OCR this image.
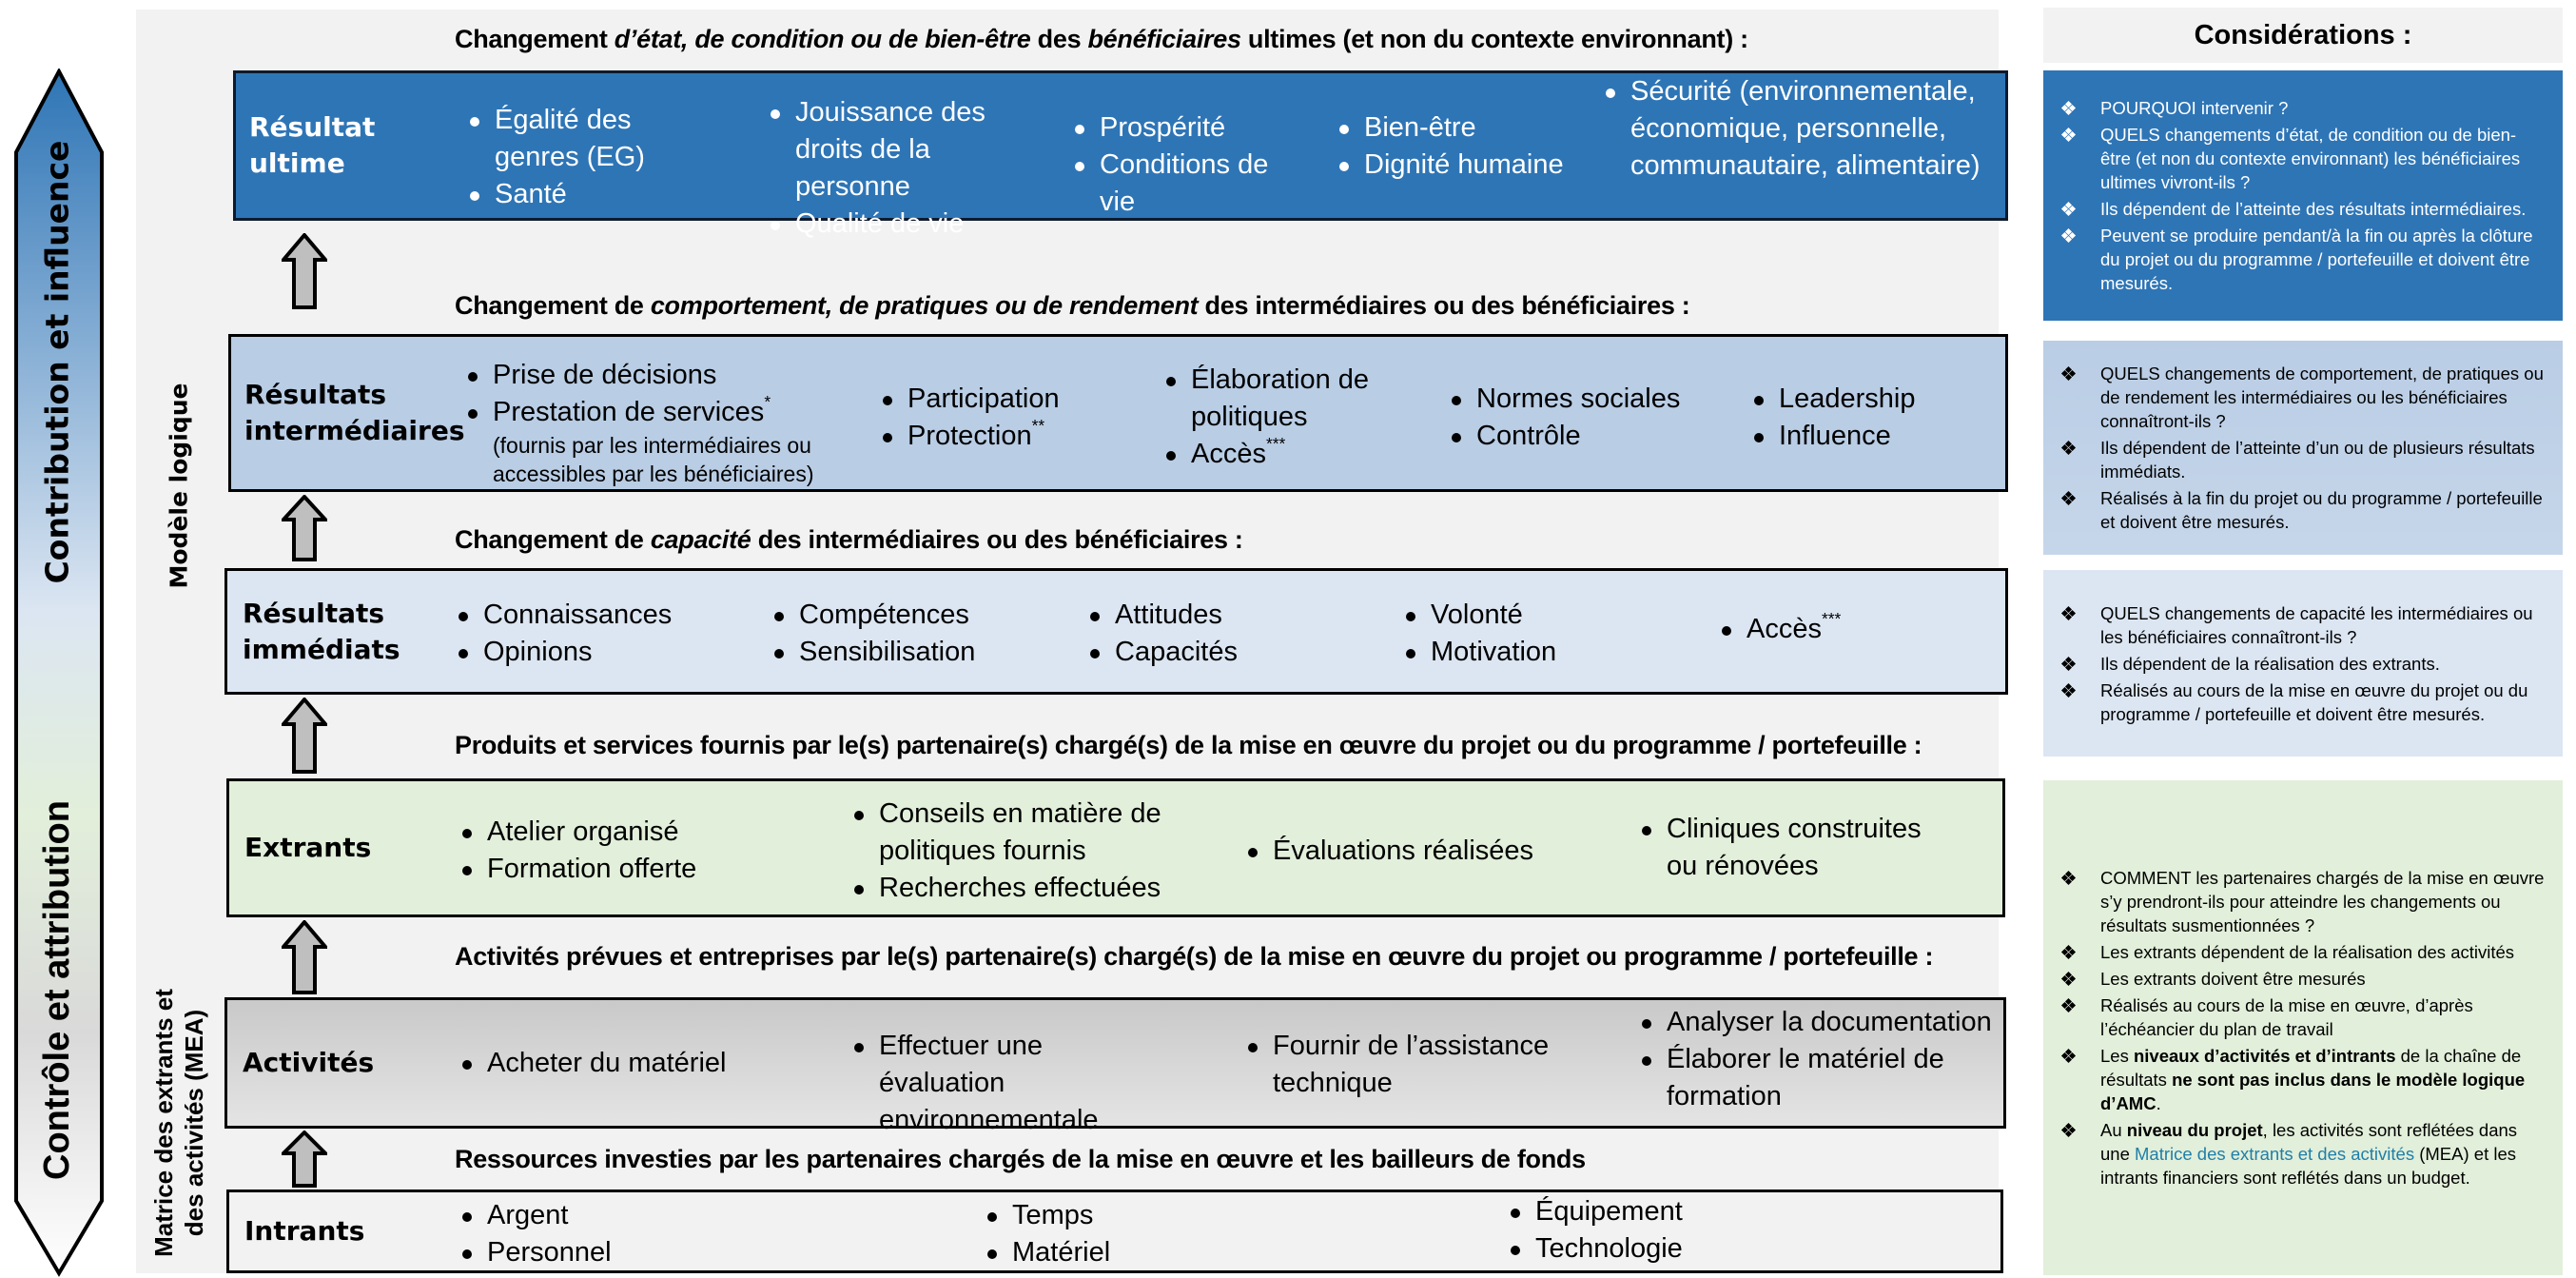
Contribution et influence
Contrôle et attribution
Modèle logique
Matrice des extrants et
des activités (MEA)
Changement d’état, de condition ou de bien-être des bénéficiaires ultimes (et non du contexte environnant) :
Changement de comportement, de pratiques ou de rendement des intermédiaires ou des bénéficiaires :
Changement de capacité des intermédiaires ou des bénéficiaires :
Produits et services fournis par le(s) partenaire(s) chargé(s) de la mise en œuvre du projet ou du programme / portefeuille :
Activités prévues et entreprises par le(s) partenaire(s) chargé(s) de la mise en œuvre du projet ou programme / portefeuille :
Ressources investies par les partenaires chargés de la mise en œuvre et les bailleurs de fonds
Résultat
ultime
Égalité des genres (EG)
Santé
Jouissance des droits de la personne
Qualité de vie
Prospérité
Conditions de vie
Bien-être
Dignité humaine
Sécurité (environnementale, économique, personnelle, communautaire, alimentaire)
Résultats
intermédiaires
Prise de décisions
Prestation de services*
(fournis par les intermédiaires ou accessibles par les bénéficiaires)
Participation
Protection**
Élaboration de politiques
Accès***
Normes sociales
Contrôle
Leadership
Influence
Résultats
immédiats
Connaissances
Opinions
Compétences
Sensibilisation
Attitudes
Capacités
Volonté
Motivation
Accès***
Extrants	Atelier organisé
Formation offerte
Conseils en matière de politiques fournis
Recherches effectuées
Évaluations réalisées
Cliniques construites ou rénovées
Activités	Acheter du matériel
Effectuer une évaluation environnementale
Fournir de l’assistance technique
Analyser la documentation
Élaborer le matériel de formation
Intrants	Argent
Personnel
Temps
Matériel
Équipement
Technologie
Considérations :
POURQUOI intervenir ?
QUELS changements d’état, de condition ou de bien-être (et non du contexte environnant) les bénéficiaires ultimes vivront-ils ?
Ils dépendent de l’atteinte des résultats intermédiaires.
Peuvent se produire pendant/à la fin ou après la clôture du projet ou du programme / portefeuille et doivent être mesurés.
QUELS changements de comportement, de pratiques ou de rendement les intermédiaires ou les bénéficiaires connaîtront-ils ?
Ils dépendent de l’atteinte d’un ou de plusieurs résultats immédiats.
Réalisés à la fin du projet ou du programme / portefeuille et doivent être mesurés.
QUELS changements de capacité les intermédiaires ou les bénéficiaires connaîtront-ils ?
Ils dépendent de la réalisation des extrants.
Réalisés au cours de la mise en œuvre du projet ou du programme / portefeuille et doivent être mesurés.
COMMENT les partenaires chargés de la mise en œuvre s’y prendront-ils pour atteindre les changements ou résultats susmentionnées ?
Les extrants dépendent de la réalisation des activités
Les extrants doivent être mesurés
Réalisés au cours de la mise en œuvre, d’après l’échéancier du plan de travail
Les niveaux d’activités et d’intrants de la chaîne de résultats ne sont pas inclus dans le modèle logique d’AMC.
Au niveau du projet, les activités sont reflétées dans une Matrice des extrants et des activités (MEA) et les intrants financiers sont reflétés dans un budget.
